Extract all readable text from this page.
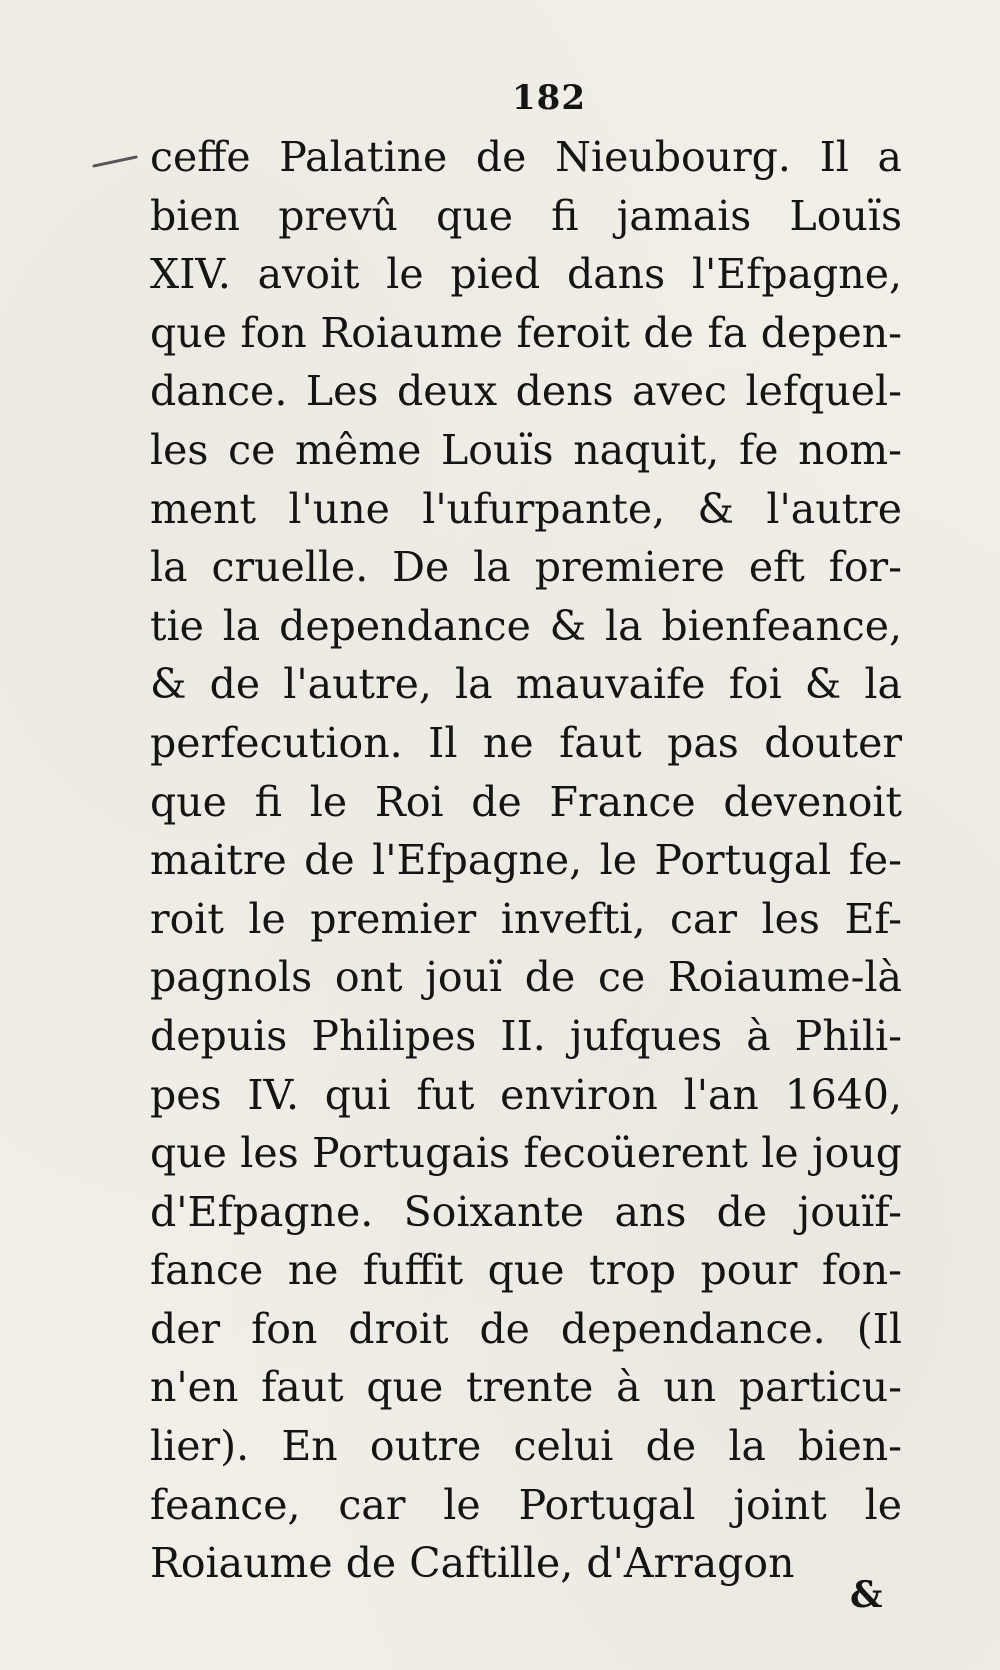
182
ceffe Palatine de Nieubourg. Il a
bien prevû que fi jamais Louïs
XIV. avoit le pied dans l'Efpagne,
que fon Roiaume feroit de fa depen-
dance. Les deux dens avec lefquel-
les ce même Louïs naquit, fe nom-
ment l'une l'ufurpante, & l'autre
la cruelle. De la premiere eft for-
tie la dependance & la bienfeance,
& de l'autre, la mauvaife foi & la
perfecution. Il ne faut pas douter
que fi le Roi de France devenoit
maitre de l'Efpagne, le Portugal fe-
roit le premier invefti, car les Ef-
pagnols ont jouï de ce Roiaume-là
depuis Philipes II. jufques à Phili-
pes IV. qui fut environ l'an 1640,
que les Portugais fecoüerent le joug
d'Efpagne. Soixante ans de jouïf-
fance ne fuffit que trop pour fon-
der fon droit de dependance. (Il
n'en faut que trente à un particu-
lier). En outre celui de la bien-
feance, car le Portugal joint le
Roiaume de Caftille, d'Arragon
&
